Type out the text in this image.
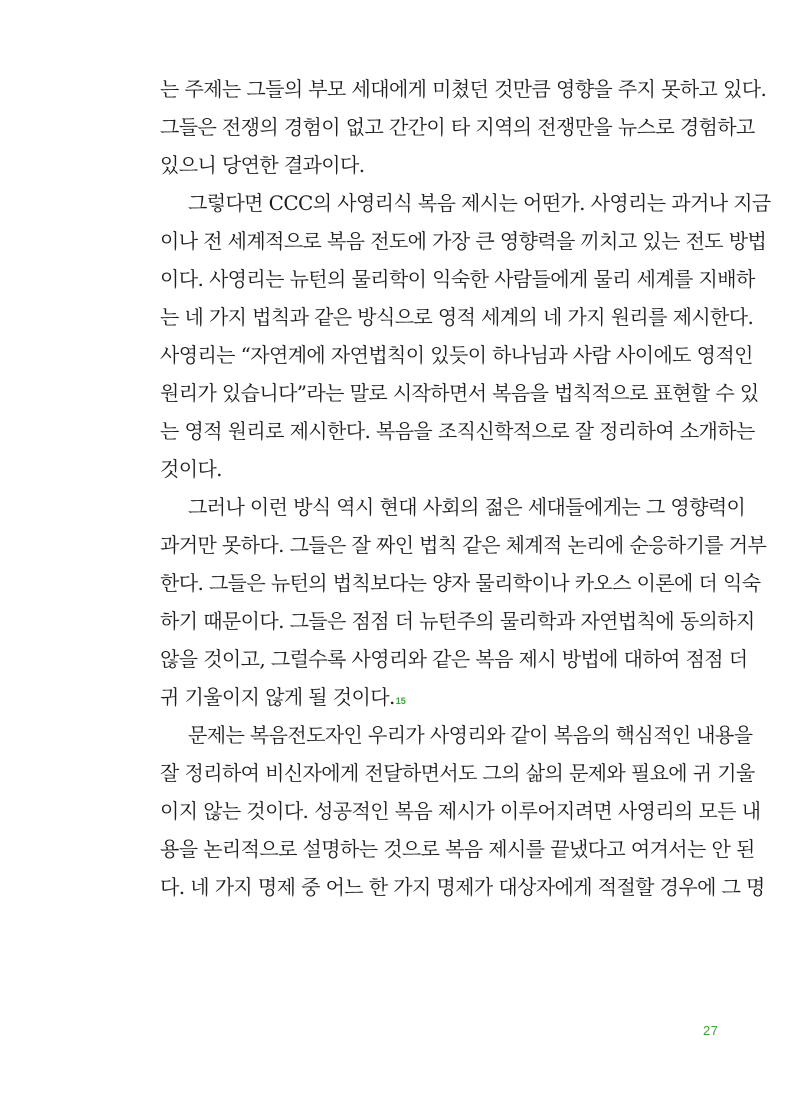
는 주제는 그들의 부모 세대에게 미쳤던 것만큼 영향을 주지 못하고 있다.
그들은 전쟁의 경험이 없고 간간이 타 지역의 전쟁만을 뉴스로 경험하고
있으니 당연한 결과이다.
그렇다면 CCC의 사영리식 복음 제시는 어떤가. 사영리는 과거나 지금
이나 전 세계적으로 복음 전도에 가장 큰 영향력을 끼치고 있는 전도 방법
이다. 사영리는 뉴턴의 물리학이 익숙한 사람들에게 물리 세계를 지배하
는 네 가지 법칙과 같은 방식으로 영적 세계의 네 가지 원리를 제시한다.
사영리는 “자연계에 자연법칙이 있듯이 하나님과 사람 사이에도 영적인
원리가 있습니다”라는 말로 시작하면서 복음을 법칙적으로 표현할 수 있
는 영적 원리로 제시한다. 복음을 조직신학적으로 잘 정리하여 소개하는
것이다.
그러나 이런 방식 역시 현대 사회의 젊은 세대들에게는 그 영향력이
과거만 못하다. 그들은 잘 짜인 법칙 같은 체계적 논리에 순응하기를 거부
한다. 그들은 뉴턴의 법칙보다는 양자 물리학이나 카오스 이론에 더 익숙
하기 때문이다. 그들은 점점 더 뉴턴주의 물리학과 자연법칙에 동의하지
않을 것이고, 그럴수록 사영리와 같은 복음 제시 방법에 대하여 점점 더
귀 기울이지 않게 될 것이다.$^{15}$
문제는 복음전도자인 우리가 사영리와 같이 복음의 핵심적인 내용을
잘 정리하여 비신자에게 전달하면서도 그의 삶의 문제와 필요에 귀 기울
이지 않는 것이다. 성공적인 복음 제시가 이루어지려면 사영리의 모든 내
용을 논리적으로 설명하는 것으로 복음 제시를 끝냈다고 여겨서는 안 된
다. 네 가지 명제 중 어느 한 가지 명제가 대상자에게 적절할 경우에 그 명
27
